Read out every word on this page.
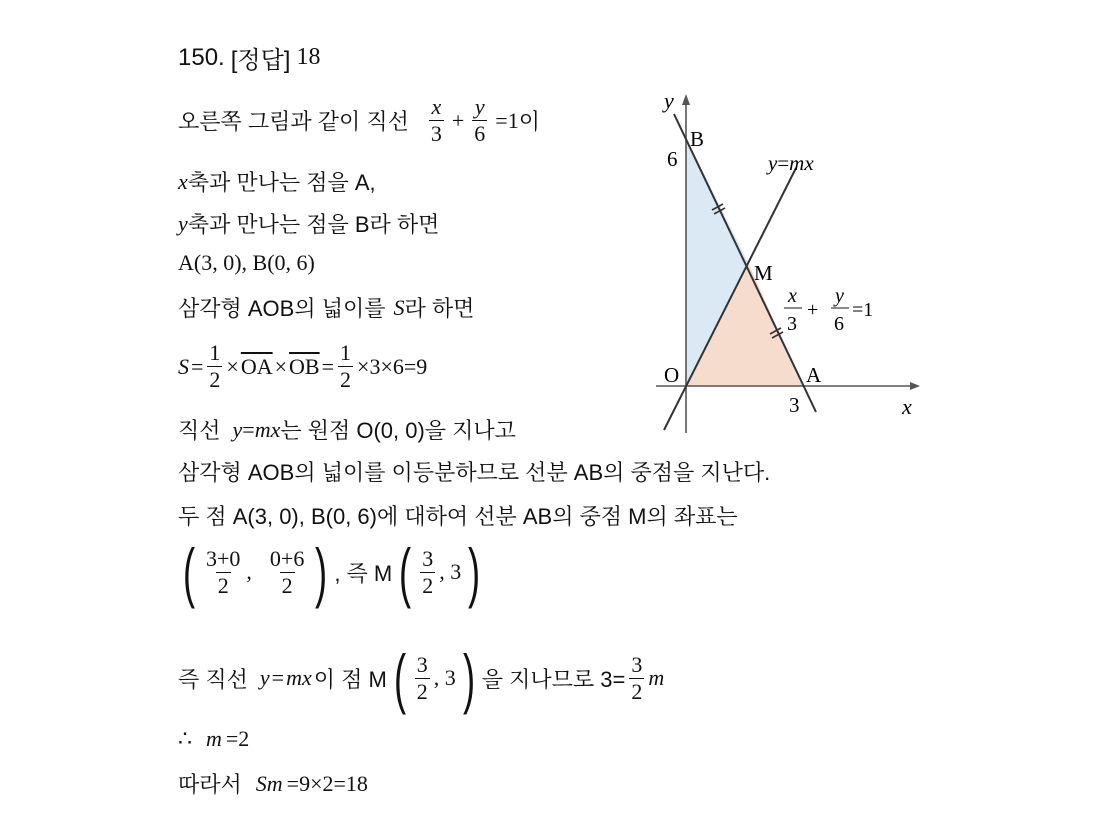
150. [정답] 18
오른쪽 그림과 같이 직선 $\frac{x}{3} + \frac{y}{6} =1$ 이
x 축과 만나는 점을 A,
y 축과 만나는 점을 B라 하면
A(3, 0), B(0, 6)
삼각형 AOB의 넓이를 S 라 하면
$S = \frac{1}{2} \times \overline{OA} \times \overline{OB} = \frac{1}{2} \times 3\times 6=9$
직선 y = mx 는 원점 O(0, 0)을 지나고
삼각형 AOB의 넓이를 이등분하므로 선분 AB의 중점을 지난다.
두 점 A(3, 0), B(0, 6)에 대하여 선분 AB의 중점 M의 좌표는
( $\frac{3+0}{2}$ , $\frac{0+6}{2}$ ) , 즉 M ( $\frac{3}{2}$ , 3 )
즉 직선 y = mx 이 점 M ( $\frac{3}{2}$ , 3 ) 을 지나므로 $3= \frac{3}{2}$ m
∴ m =2
따라서 Sm =9×2=18
y
x
B
6
O	A
3
M
y=mx
x
3
+
y
6
=1
